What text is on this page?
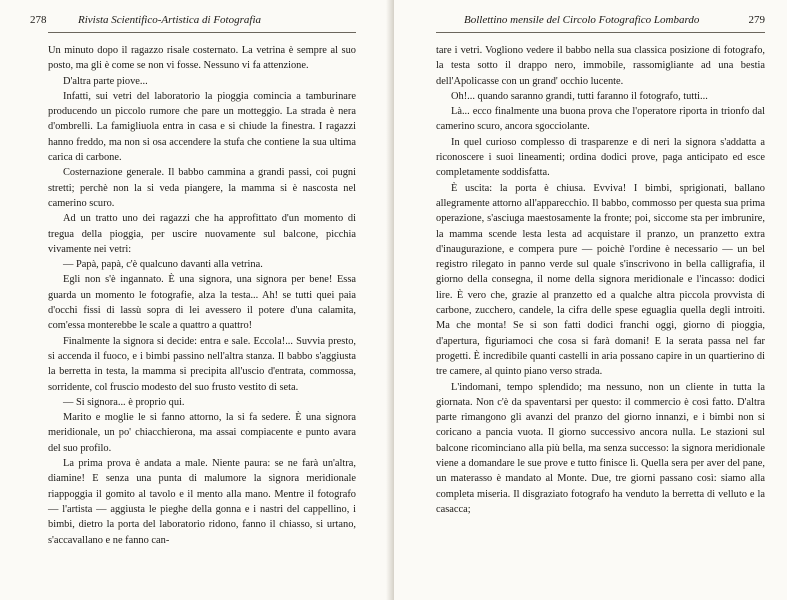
278	Rivista Scientifico-Artistica di Fotografia

Un minuto dopo il ragazzo risale costernato. La vetrina è sempre al suo posto, ma gli è come se non vi fosse. Nessuno vi fa attenzione.

D'altra parte piove...

Infatti, sui vetri del laboratorio la pioggia comincia a tamburinare producendo un piccolo rumore che pare un motteggio. La strada è nera d'ombrelli. La famigliuola entra in casa e si chiude la finestra. I ragazzi hanno freddo, ma non si osa accendere la stufa che contiene la sua ultima carica di carbone.

Costernazione generale. Il babbo cammina a grandi passi, coi pugni stretti; perchè non la si veda piangere, la mamma si è nascosta nel camerino scuro.

Ad un tratto uno dei ragazzi che ha approfittato d'un momento di tregua della pioggia, per uscire nuovamente sul balcone, picchia vivamente nei vetri:

— Papà, papà, c'è qualcuno davanti alla vetrina.

Egli non s'è ingannato. È una signora, una signora per bene! Essa guarda un momento le fotografie, alza la testa... Ah! se tutti quei paia d'occhi fissi di lassù sopra di lei avessero il potere d'una calamita, com'essa monterebbe le scale a quattro a quattro!

Finalmente la signora si decide: entra e sale. Eccola!... Suvvia presto, si accenda il fuoco, e i bimbi passino nell'altra stanza. Il babbo s'aggiusta la berretta in testa, la mamma si precipita all'uscio d'entrata, commossa, sorridente, col fruscio modesto del suo frusto vestito di seta.

— Si signora... è proprio qui.

Marito e moglie le si fanno attorno, la si fa sedere. È una signora meridionale, un po' chiacchierona, ma assai compiacente e punto avara del suo profilo.

La prima prova è andata a male. Niente paura: se ne farà un'altra, diamine! E senza una punta di malumore la signora meridionale riappoggia il gomito al tavolo e il mento alla mano. Mentre il fotografo — l'artista — aggiusta le pieghe della gonna e i nastri del cappellino, i bimbi, dietro la porta del laboratorio ridono, fanno il chiasso, si urtano, s'accavallano e ne fanno can-

Bollettino mensile del Circolo Fotografico Lombardo	279

tare i vetri. Vogliono vedere il babbo nella sua classica posizione di fotografo, la testa sotto il drappo nero, immobile, rassomigliante ad una bestia dell'Apolicasse con un grand' occhio lucente.

Oh!... quando saranno grandi, tutti faranno il fotografo, tutti...

Là... ecco finalmente una buona prova che l'operatore riporta in trionfo dal camerino scuro, ancora sgocciolante.

In quel curioso complesso di trasparenze e di neri la signora s'addatta a riconoscere i suoi lineamenti; ordina dodici prove, paga anticipato ed esce completamente soddisfatta.

È uscita: la porta è chiusa. Evviva! I bimbi, sprigionati, ballano allegramente attorno all'apparecchio. Il babbo, commosso per questa sua prima operazione, s'asciuga maestosamente la fronte; poi, siccome sta per imbrunire, la mamma scende lesta lesta ad acquistare il pranzo, un pranzetto extra d'inaugurazione, e compera pure — poichè l'ordine è necessario — un bel registro rilegato in panno verde sul quale s'inscrivono in bella calligrafia, il giorno della consegna, il nome della signora meridionale e l'incasso: dodici lire. È vero che, grazie al pranzetto ed a qualche altra piccola provvista di carbone, zucchero, candele, la cifra delle spese eguaglia quella degli introiti. Ma che monta! Se si son fatti dodici franchi oggi, giorno di pioggia, d'apertura, figuriamoci che cosa si farà domani! E la serata passa nel far progetti. È incredibile quanti castelli in aria possano capire in un quartierino di tre camere, al quinto piano verso strada.

L'indomani, tempo splendido; ma nessuno, non un cliente in tutta la giornata. Non c'è da spaventarsi per questo: il commercio è così fatto. D'altra parte rimangono gli avanzi del pranzo del giorno innanzi, e i bimbi non si coricano a pancia vuota. Il giorno successivo ancora nulla. Le stazioni sul balcone ricominciano alla più bella, ma senza successo: la signora meridionale viene a domandare le sue prove e tutto finisce lì. Quella sera per aver del pane, un materasso è mandato al Monte. Due, tre giorni passano così: siamo alla completa miseria. Il disgraziato fotografo ha venduto la berretta di velluto e la casacca;
